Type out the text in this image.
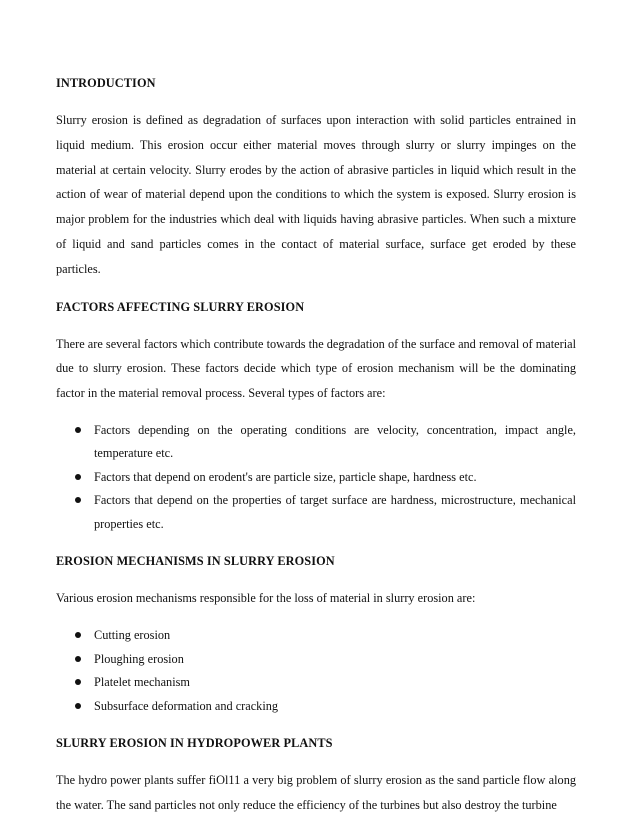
INTRODUCTION

Slurry erosion is defined as degradation of surfaces upon interaction with solid particles entrained in liquid medium. This erosion occur either material moves through slurry or slurry impinges on the material at certain velocity. Slurry erodes by the action of abrasive particles in liquid which result in the action of wear of material depend upon the conditions to which the system is exposed. Slurry erosion is major problem for the industries which deal with liquids having abrasive particles. When such a mixture of liquid and sand particles comes in the contact of material surface, surface get eroded by these particles.

FACTORS AFFECTING SLURRY EROSION

There are several factors which contribute towards the degradation of the surface and removal of material due to slurry erosion. These factors decide which type of erosion mechanism will be the dominating factor in the material removal process. Several types of factors are:

Factors depending on the operating conditions are velocity, concentration, impact angle, temperature etc.
Factors that depend on erodent's are particle size, particle shape, hardness etc.
Factors that depend on the properties of target surface are hardness, microstructure, mechanical properties etc.
EROSION MECHANISMS IN SLURRY EROSION

Various erosion mechanisms responsible for the loss of material in slurry erosion are:

Cutting erosion
Ploughing erosion
Platelet mechanism
Subsurface deformation and cracking
SLURRY EROSION IN HYDROPOWER PLANTS

The hydro power plants suffer fiOl11 a very big problem of slurry erosion as the sand particle flow along the water. The sand particles not only reduce the efficiency of the turbines but also destroy the turbine
